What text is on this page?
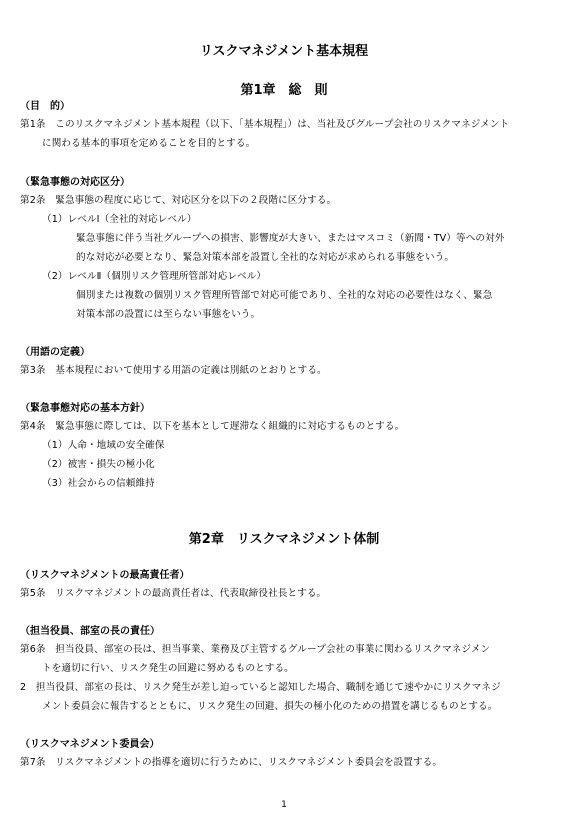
リスクマネジメント基本規程
第1章　総　則
（目　的）
第1条　このリスクマネジメント基本規程（以下、「基本規程」）は、当社及びグループ会社のリスクマネジメント
に関わる基本的事項を定めることを目的とする。
（緊急事態の対応区分）
第2条　緊急事態の程度に応じて、対応区分を以下の２段階に区分する。
（1）レベルⅠ（全社的対応レベル）
緊急事態に伴う当社グループへの損害、影響度が大きい、またはマスコミ（新聞・TV）等への対外
的な対応が必要となり、緊急対策本部を設置し全社的な対応が求められる事態をいう。
（2）レベルⅡ（個別リスク管理所管部対応レベル）
個別または複数の個別リスク管理所管部で対応可能であり、全社的な対応の必要性はなく、緊急
対策本部の設置には至らない事態をいう。
（用語の定義）
第3条　基本規程において使用する用語の定義は別紙のとおりとする。
（緊急事態対応の基本方針）
第4条　緊急事態に際しては、以下を基本として遅滞なく組織的に対応するものとする。
（1）人命・地域の安全確保
（2）被害・損失の極小化
（3）社会からの信頼維持
第2章　リスクマネジメント体制
（リスクマネジメントの最高責任者）
第5条　リスクマネジメントの最高責任者は、代表取締役社長とする。
（担当役員、部室の長の責任）
第6条　担当役員、部室の長は、担当事業、業務及び主管するグループ会社の事業に関わるリスクマネジメン
トを適切に行い、リスク発生の回避に努めるものとする。
2　担当役員、部室の長は、リスク発生が差し迫っていると認知した場合、職制を通じて速やかにリスクマネジ
メント委員会に報告するとともに、リスク発生の回避、損失の極小化のための措置を講じるものとする。
（リスクマネジメント委員会）
第7条　リスクマネジメントの指導を適切に行うために、リスクマネジメント委員会を設置する。
1
